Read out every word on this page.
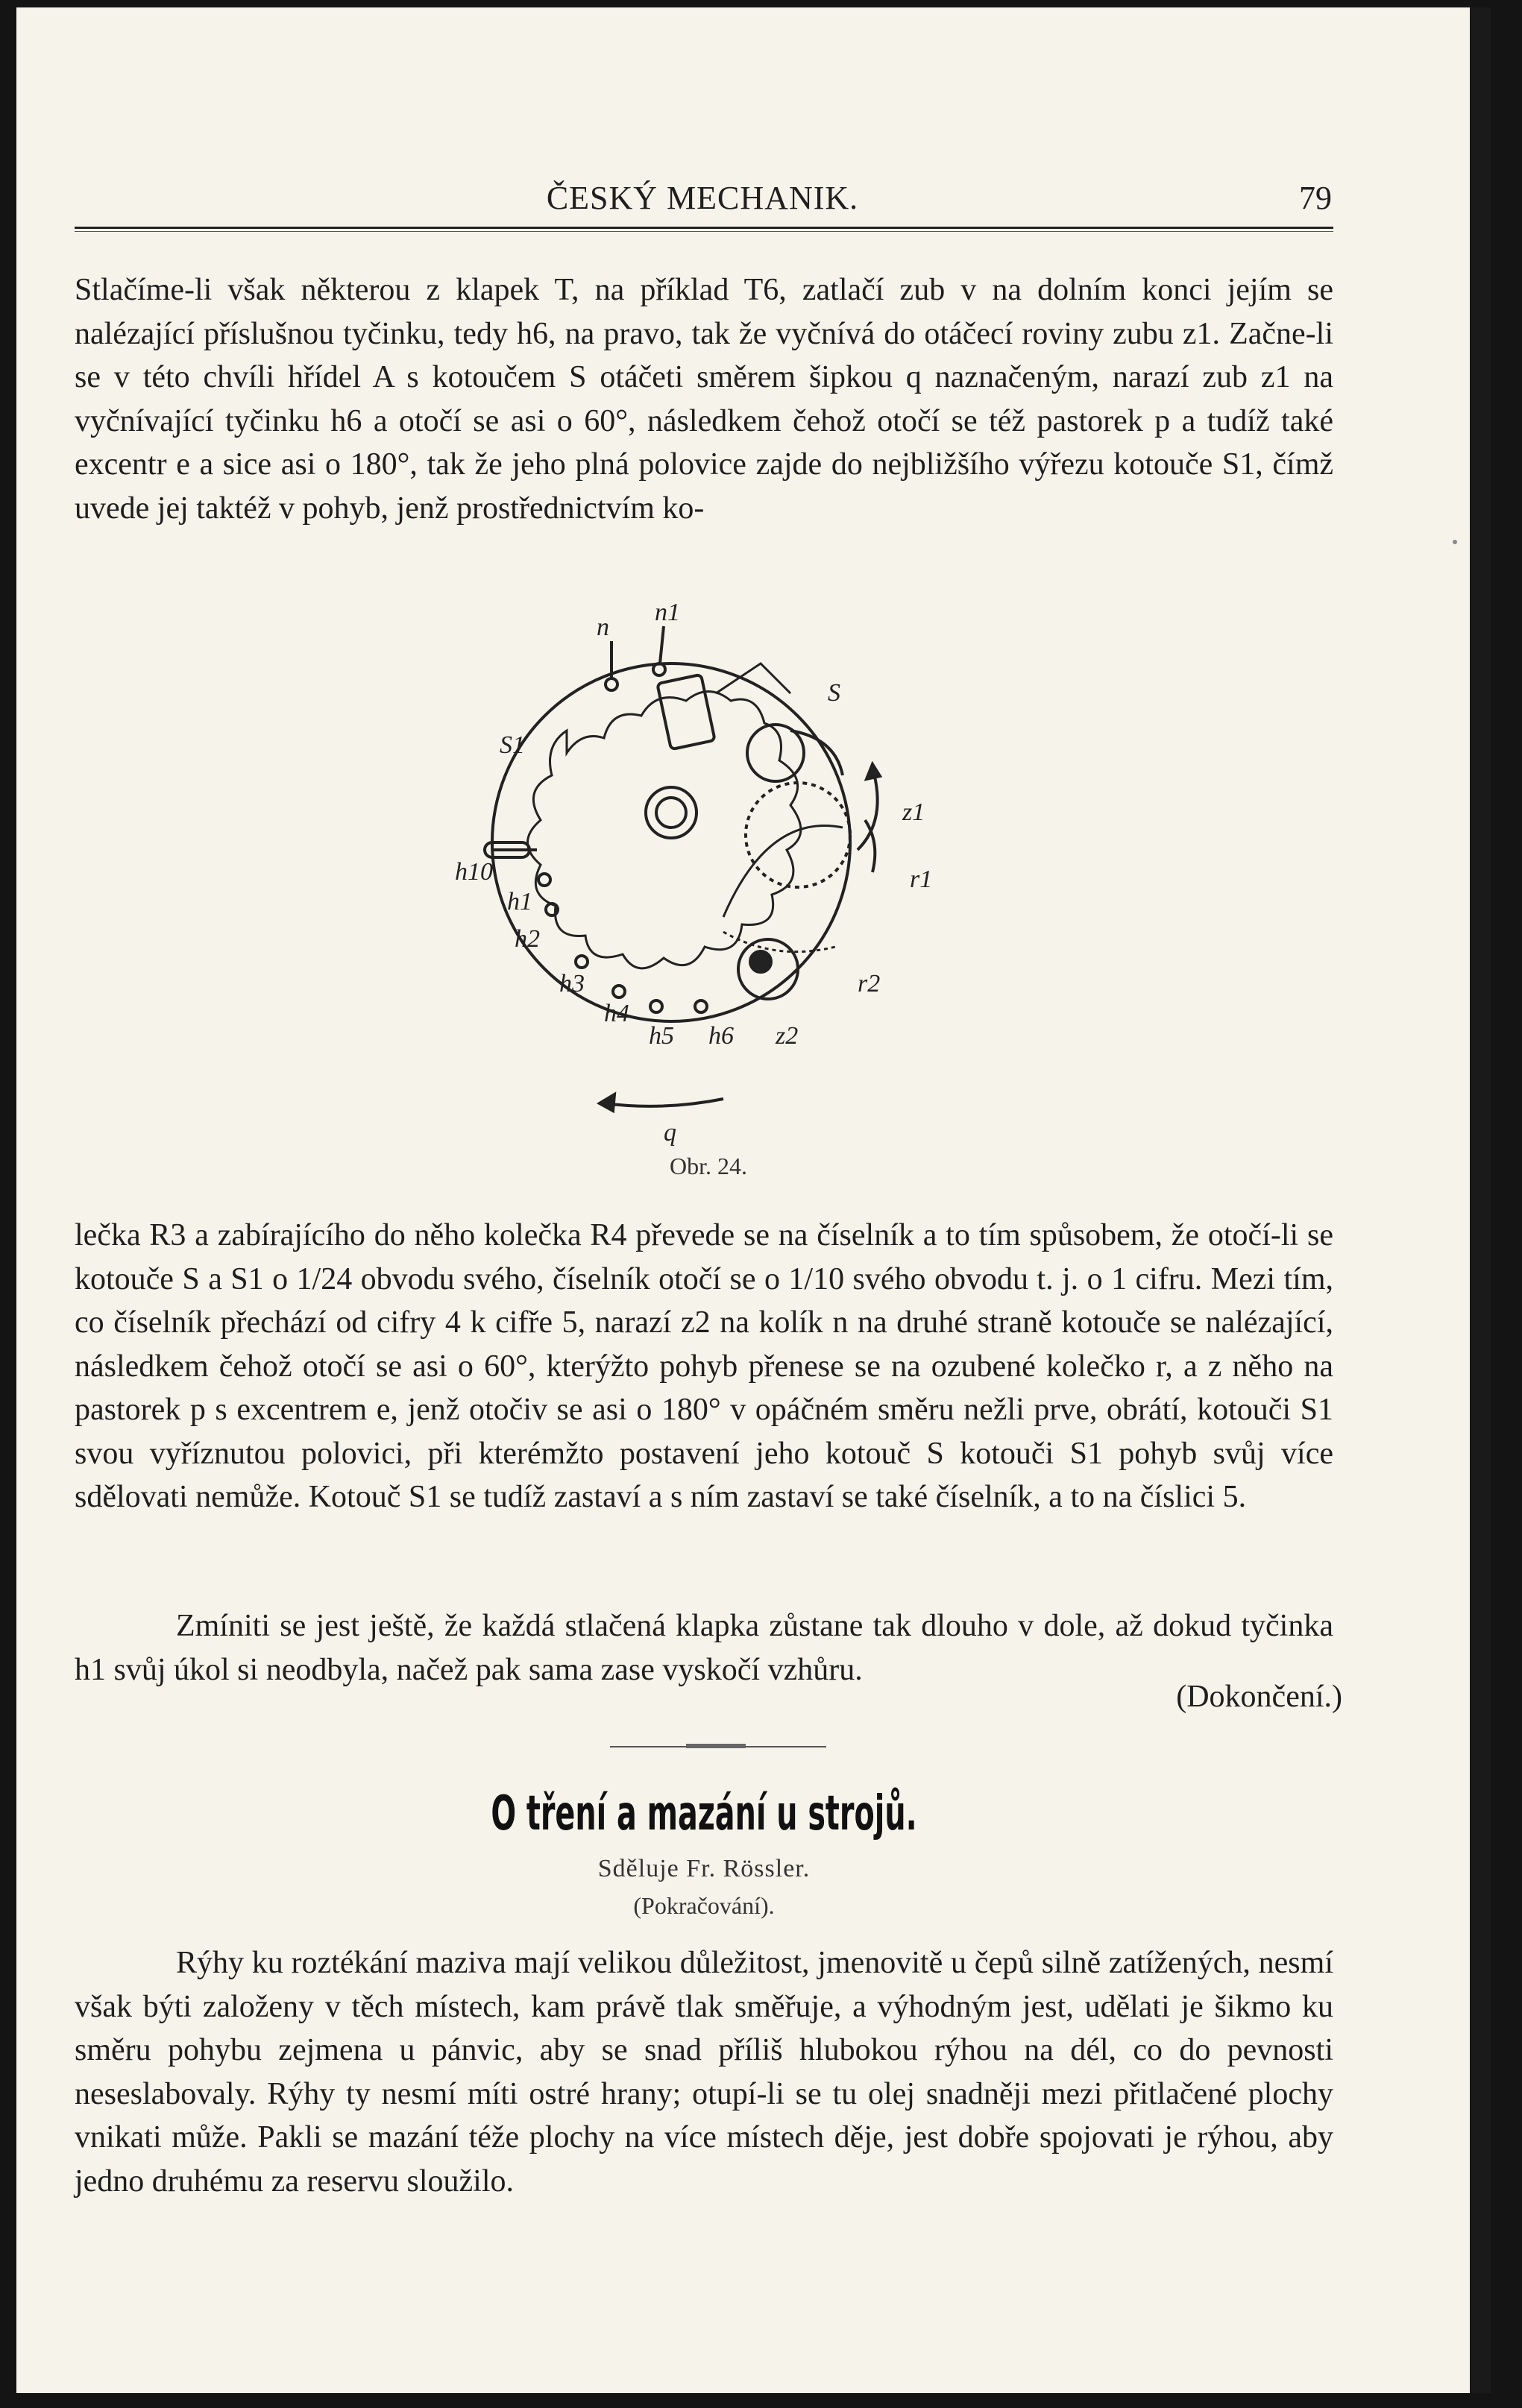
ČESKÝ MECHANIK.	79

Stlačíme-li však některou z klapek T, na příklad T6, zatlačí zub v na dolním konci jejím se nalézající příslušnou tyčinku, tedy h6, na pravo, tak že vyčnívá do otáčecí roviny zubu z1. Začne-li se v této chvíli hřídel A s kotoučem S otáčeti směrem šipkou q naznačeným, narazí zub z1 na vyčnívající tyčinku h6 a otočí se asi o 60°, následkem čehož otočí se též pastorek p a tudíž také excentr e a sice asi o 180°, tak že jeho plná polovice zajde do nejbližšího výřezu kotouče S1, čímž uvede jej taktéž v pohyb, jenž prostřednictvím ko-

n
n1
S
S1
z1
r1
h10
h1
h2
h3
h4
h5 h6 z2
r2
q
Obr. 24.

lečka R3 a zabírajícího do něho kolečka R4 převede se na číselník a to tím spůsobem, že otočí-li se kotouče S a S1 o 1/24 obvodu svého, číselník otočí se o 1/10 svého obvodu t. j. o 1 cifru. Mezi tím, co číselník přechází od cifry 4 k cifře 5, narazí z2 na kolík n na druhé straně kotouče se nalézající, následkem čehož otočí se asi o 60°, kterýžto pohyb přenese se na ozubené kolečko r, a z něho na pastorek p s excentrem e, jenž otočiv se asi o 180° v opáčném směru nežli prve, obrátí, kotouči S1 svou vyříznutou polovici, při kterémžto postavení jeho kotouč S kotouči S1 pohyb svůj více sdělovati nemůže. Kotouč S1 se tudíž zastaví a s ním zastaví se také číselník, a to na číslici 5.

Zmíniti se jest ještě, že každá stlačená klapka zůstane tak dlouho v dole, až dokud tyčinka h1 svůj úkol si neodbyla, načež pak sama zase vyskočí vzhůru.

(Dokončení.)
O tření a mazání u strojů.
Sděluje Fr. Rössler.
(Pokračování).

Rýhy ku roztékání maziva mají velikou důležitost, jmenovitě u čepů silně zatížených, nesmí však býti založeny v těch místech, kam právě tlak směřuje, a výhodným jest, udělati je šikmo ku směru pohybu zejmena u pánvic, aby se snad příliš hlubokou rýhou na dél, co do pevnosti neseslabovaly. Rýhy ty nesmí míti ostré hrany; otupí-li se tu olej snadněji mezi přitlačené plochy vnikati může. Pakli se mazání téže plochy na více místech děje, jest dobře spojovati je rýhou, aby jedno druhému za reservu sloužilo.
